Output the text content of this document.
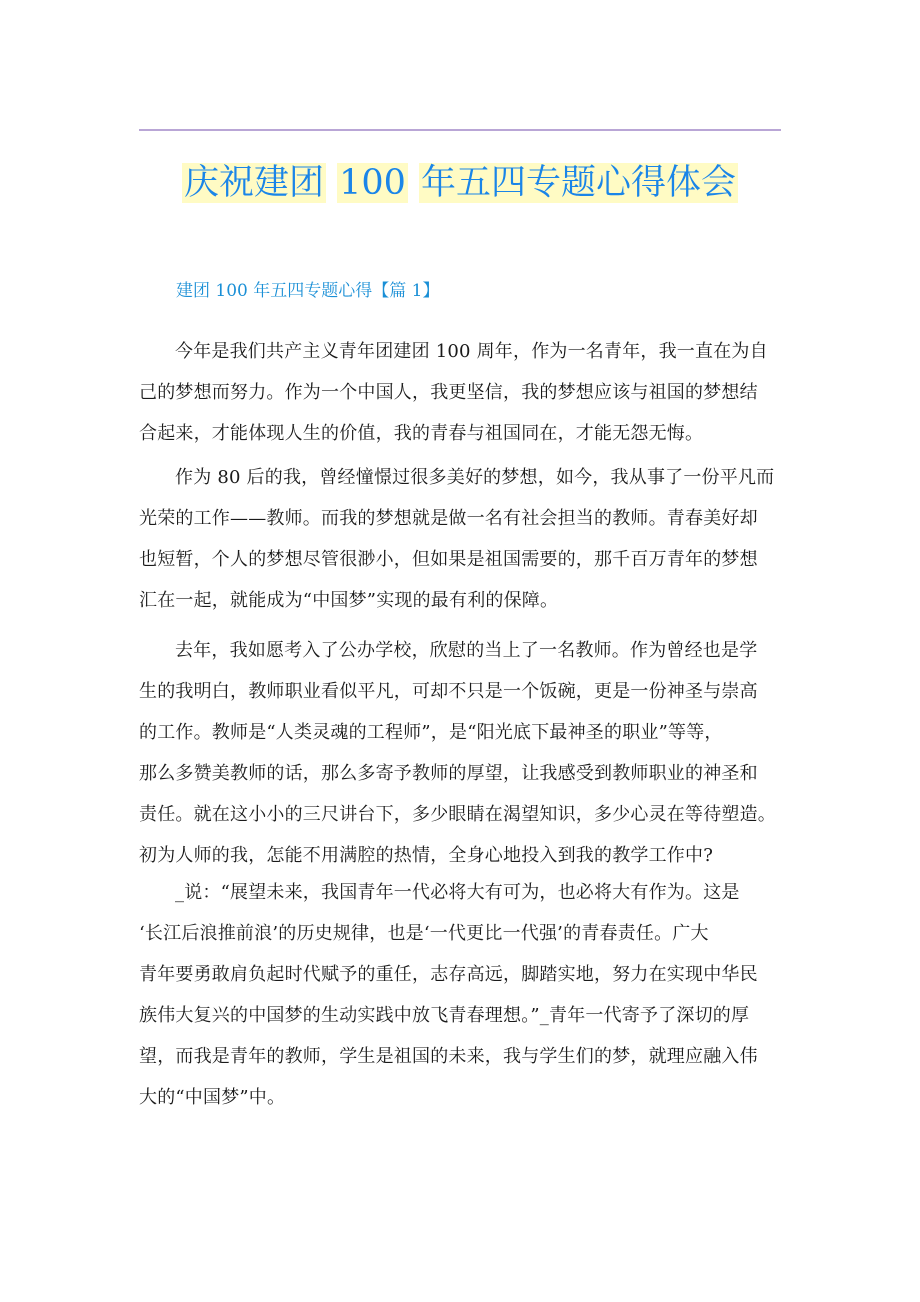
庆祝建团 100 年五四专题心得体会
建团 100 年五四专题心得【篇 1】
今年是我们共产主义青年团建团 100 周年，作为一名青年，我一直在为自
己的梦想而努力。作为一个中国人，我更坚信，我的梦想应该与祖国的梦想结
合起来，才能体现人生的价值，我的青春与祖国同在，才能无怨无悔。
作为 80 后的我，曾经憧憬过很多美好的梦想，如今，我从事了一份平凡而
光荣的工作——教师。而我的梦想就是做一名有社会担当的教师。青春美好却
也短暂，个人的梦想尽管很渺小，但如果是祖国需要的，那千百万青年的梦想
汇在一起，就能成为“中国梦”实现的最有利的保障。
去年，我如愿考入了公办学校，欣慰的当上了一名教师。作为曾经也是学
生的我明白，教师职业看似平凡，可却不只是一个饭碗，更是一份神圣与崇高
的工作。教师是“人类灵魂的工程师”，是“阳光底下最神圣的职业”等等，
那么多赞美教师的话，那么多寄予教师的厚望，让我感受到教师职业的神圣和
责任。就在这小小的三尺讲台下，多少眼睛在渴望知识，多少心灵在等待塑造。
初为人师的我，怎能不用满腔的热情，全身心地投入到我的教学工作中?
_说：“展望未来，我国青年一代必将大有可为，也必将大有作为。这是
‘长江后浪推前浪’的历史规律，也是‘一代更比一代强’的青春责任。广大
青年要勇敢肩负起时代赋予的重任，志存高远，脚踏实地，努力在实现中华民
族伟大复兴的中国梦的生动实践中放飞青春理想。”_青年一代寄予了深切的厚
望，而我是青年的教师，学生是祖国的未来，我与学生们的梦，就理应融入伟
大的“中国梦”中。
